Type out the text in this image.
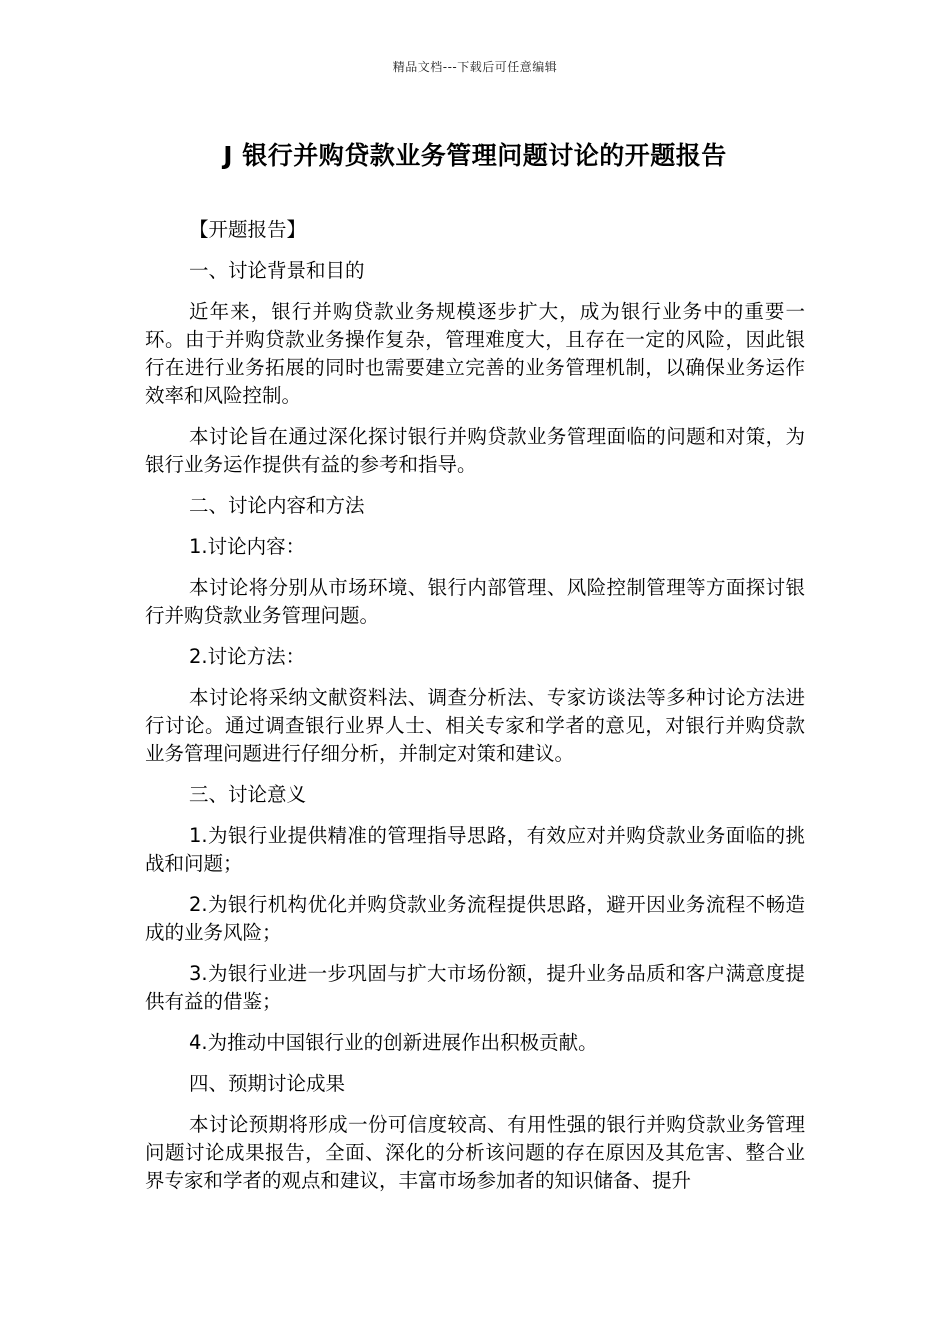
精品文档---下载后可任意编辑
J 银行并购贷款业务管理问题讨论的开题报告

【开题报告】

一、讨论背景和目的

近年来，银行并购贷款业务规模逐步扩大，成为银行业务中的重要一环。由于并购贷款业务操作复杂，管理难度大，且存在一定的风险，因此银行在进行业务拓展的同时也需要建立完善的业务管理机制，以确保业务运作效率和风险控制。

本讨论旨在通过深化探讨银行并购贷款业务管理面临的问题和对策，为银行业务运作提供有益的参考和指导。

二、讨论内容和方法

1.讨论内容：

本讨论将分别从市场环境、银行内部管理、风险控制管理等方面探讨银行并购贷款业务管理问题。

2.讨论方法：

本讨论将采纳文献资料法、调查分析法、专家访谈法等多种讨论方法进行讨论。通过调查银行业界人士、相关专家和学者的意见，对银行并购贷款业务管理问题进行仔细分析，并制定对策和建议。

三、讨论意义

1.为银行业提供精准的管理指导思路，有效应对并购贷款业务面临的挑战和问题；

2.为银行机构优化并购贷款业务流程提供思路，避开因业务流程不畅造成的业务风险；

3.为银行业进一步巩固与扩大市场份额，提升业务品质和客户满意度提供有益的借鉴；

4.为推动中国银行业的创新进展作出积极贡献。

四、预期讨论成果

本讨论预期将形成一份可信度较高、有用性强的银行并购贷款业务管理问题讨论成果报告，全面、深化的分析该问题的存在原因及其危害、整合业界专家和学者的观点和建议，丰富市场参加者的知识储备、提升
